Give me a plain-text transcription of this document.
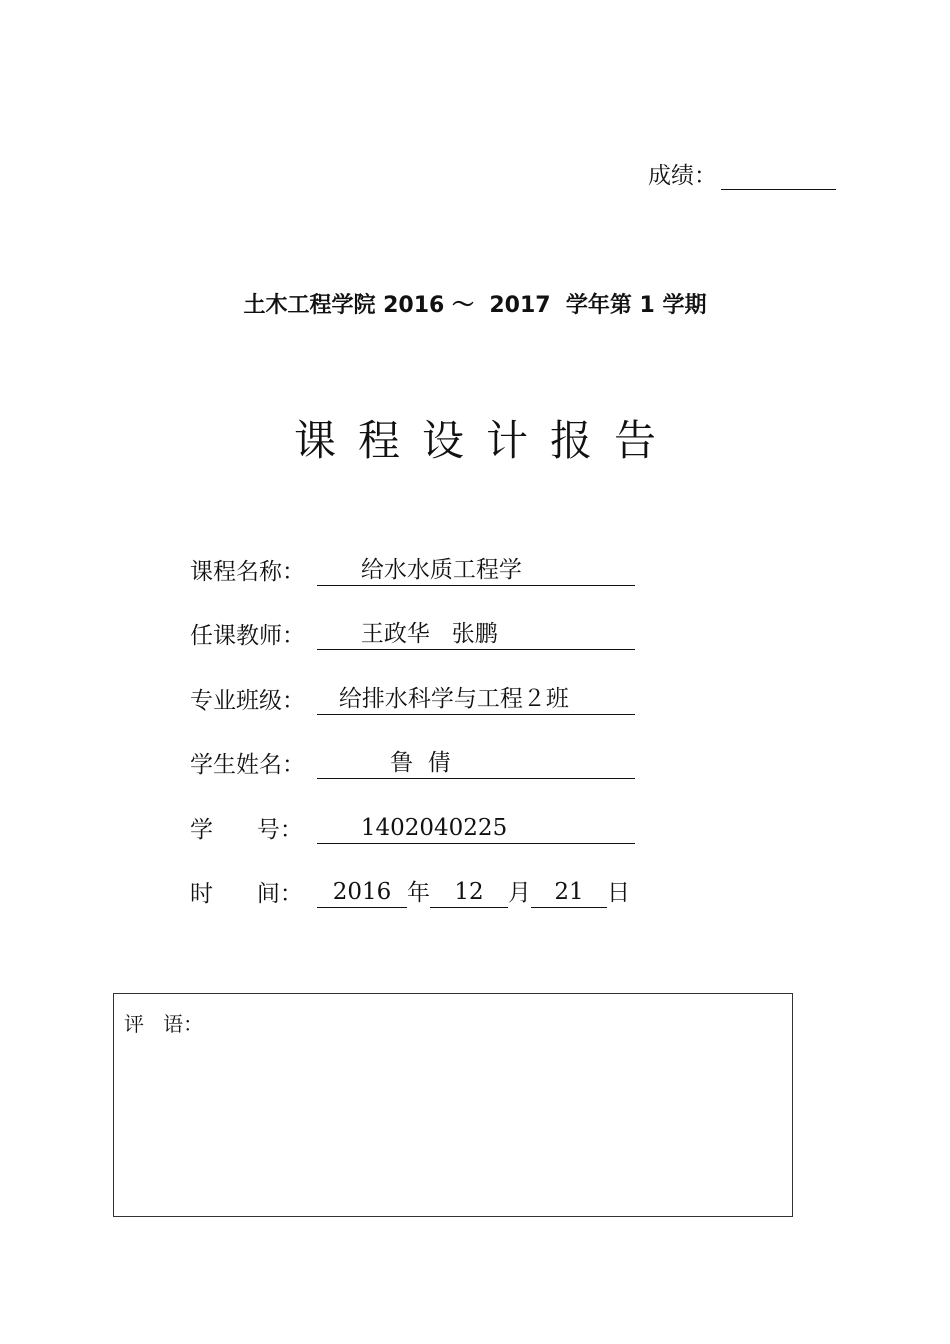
成绩：
土木工程学院 2016 ～  2017  学年第 1 学期
课程设计报告
课程名称： 给水水质工程学
任课教师： 王政华   张鹏
专业班级： 给排水科学与工程２班
学生姓名： 鲁  倩
学      号： 1402040225
时      间：	2016 年	12	月	21	日
评   语：
